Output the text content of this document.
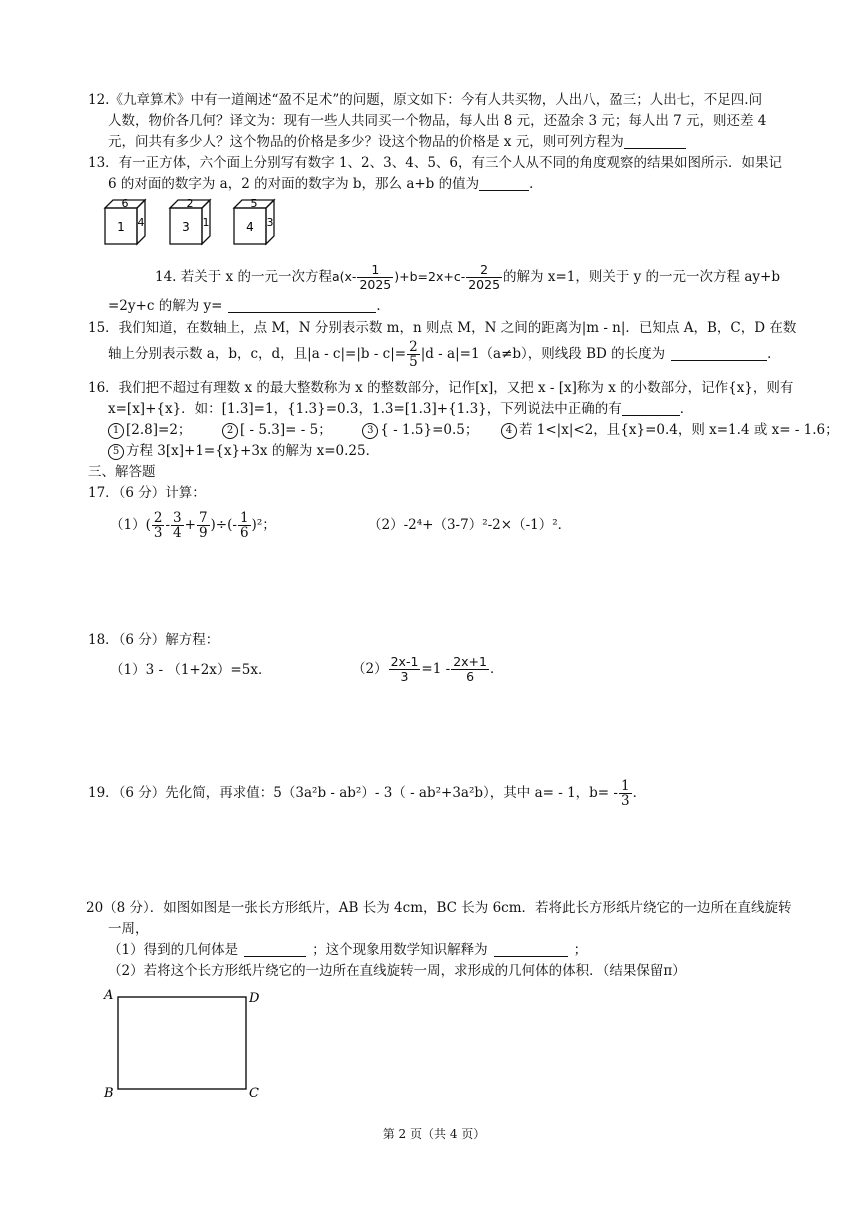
12.《九章算术》中有一道阐述“盈不足术”的问题，原文如下：今有人共买物，人出八，盈三；人出七，不足四.问
人数，物价各几何？译文为：现有一些人共同买一个物品，每人出 8 元，还盈余 3 元；每人出 7 元，则还差 4
元，问共有多少人？这个物品的价格是多少？设这个物品的价格是 x 元，则可列方程为
13．有一正方体，六个面上分别写有数字 1、2、3、4、5、6，有三个人从不同的角度观察的结果如图所示．如果记
6 的对面的数字为 a，2 的对面的数字为 b，那么 a+b 的值为	．
6
1 4
2
3 1
5
4 3
14. 若关于 x 的一元一次方程$a(x- \frac{1}{2025} )+b=2x+c- \frac{2}{2025}$ 的解为 x=1，则关于 y 的一元一次方程 ay+b
=2y+c 的解为 y=	．
15．我们知道，在数轴上，点 M，N 分别表示数 m，n 则点 M，N 之间的距离为|m - n|．已知点 A，B，C，D 在数
轴上分别表示数 a，b，c，d，且$|a - c|=|b - c|= \frac{2}{5} |d - a|=1(a\ne b)$，则线段 BD 的长度为	．
16．我们把不超过有理数 x 的最大整数称为 x 的整数部分，记作[x]，又把 x - [x]称为 x 的小数部分，记作{x}，则有
x=[x]+{x}．如：[1.3]=1，{1.3}=0.3，1.3=[1.3]+{1.3}，下列说法中正确的有	．
1 [2.8]=2；	2 [ - 5.3]= - 5；	3 { - 1.5}=0.5；	4 若 1<|x|<2，且{x}=0.4，则 x=1.4 或 x= - 1.6；
5 方程 3[x]+1={x}+3x 的解为 x=0.25．
三、解答题
17．（6 分）计算：
$(1)( \frac{2}{3} - \frac{3}{4} + \frac{7}{9}$ )÷(- $\frac{1}{6} )^2$；	（2）-2⁴+（3-7）²-2×（-1）²．
18．（6 分）解方程：
（1）3 - （1+2x）=5x．	$(2) \frac{2x-1}{3} =1 - \frac{2x+1}{6}$ ．
19．（6 分）先化简，再求值：5（3a²b - ab²）- 3（ - ab²+3a²b），其中 a= - 1，$b= - \frac{1}{3}$ ．
20（8 分）．如图如图是一张长方形纸片，AB 长为 4cm，BC 长为 6cm．若将此长方形纸片绕它的一边所在直线旋转
一周，
（1）得到的几何体是	；这个现象用数学知识解释为	；
（2）若将这个长方形纸片绕它的一边所在直线旋转一周，求形成的几何体的体积．（结果保留π）
A	D
B	C
第 2 页（共 4 页）
